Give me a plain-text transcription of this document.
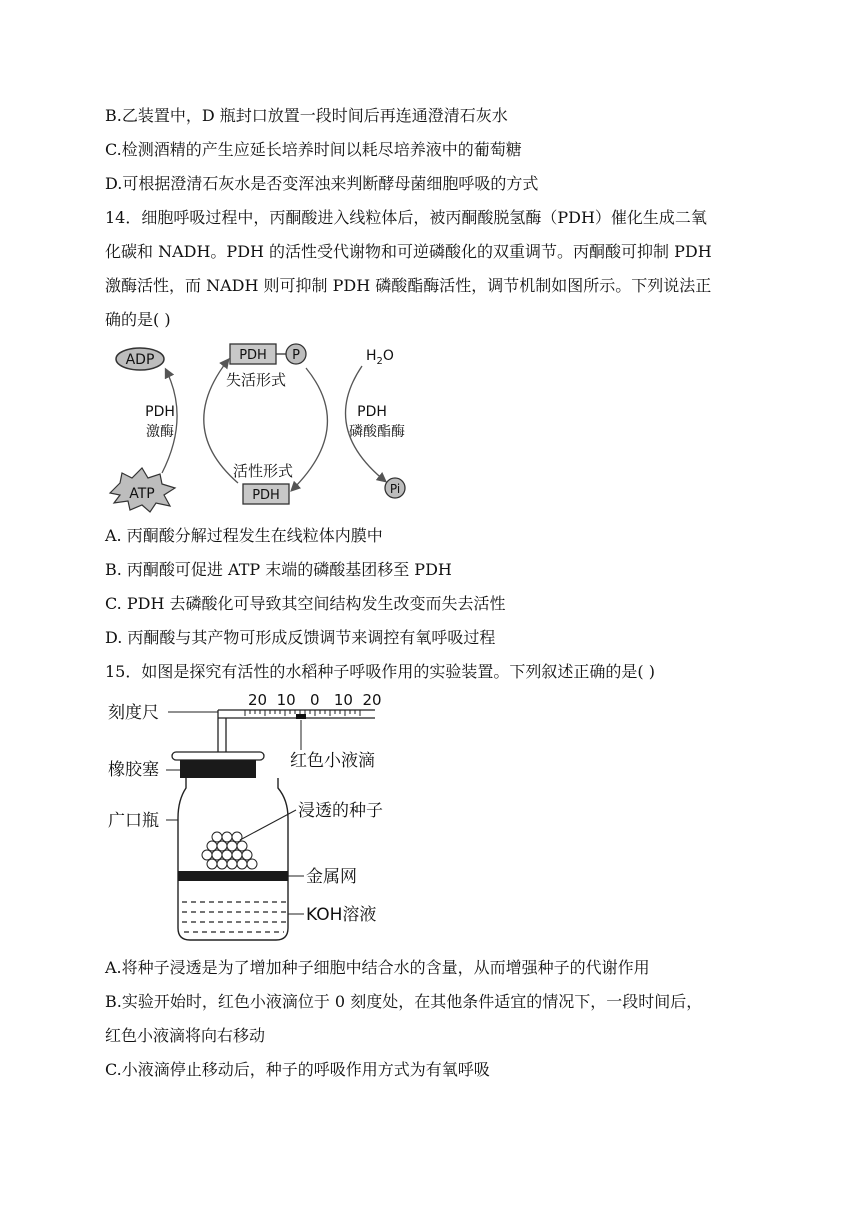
B.乙装置中，D 瓶封口放置一段时间后再连通澄清石灰水
C.检测酒精的产生应延长培养时间以耗尽培养液中的葡萄糖
D.可根据澄清石灰水是否变浑浊来判断酵母菌细胞呼吸的方式
14．细胞呼吸过程中，丙酮酸进入线粒体后，被丙酮酸脱氢酶（PDH）催化生成二氧
化碳和 NADH。PDH 的活性受代谢物和可逆磷酸化的双重调节。丙酮酸可抑制 PDH
激酶活性，而 NADH 则可抑制 PDH 磷酸酯酶活性，调节机制如图所示。下列说法正
确的是( )
ADP
ATP
PDH
激酶
PDH P
失活形式
活性形式
PDH
$H_2O$
PDH
磷酸酯酶
Pi
A. 丙酮酸分解过程发生在线粒体内膜中
B. 丙酮酸可促进 ATP 末端的磷酸基团移至 PDH
C. PDH 去磷酸化可导致其空间结构发生改变而失去活性
D. 丙酮酸与其产物可形成反馈调节来调控有氧呼吸过程
15．如图是探究有活性的水稻种子呼吸作用的实验装置。下列叙述正确的是( )
20  10   0   10  20
刻度尺
红色小液滴
橡胶塞
广口瓶	浸透的种子
金属网
KOH溶液
A.将种子浸透是为了增加种子细胞中结合水的含量，从而增强种子的代谢作用
B.实验开始时，红色小液滴位于 0 刻度处，在其他条件适宜的情况下，一段时间后，
红色小液滴将向右移动
C.小液滴停止移动后，种子的呼吸作用方式为有氧呼吸
